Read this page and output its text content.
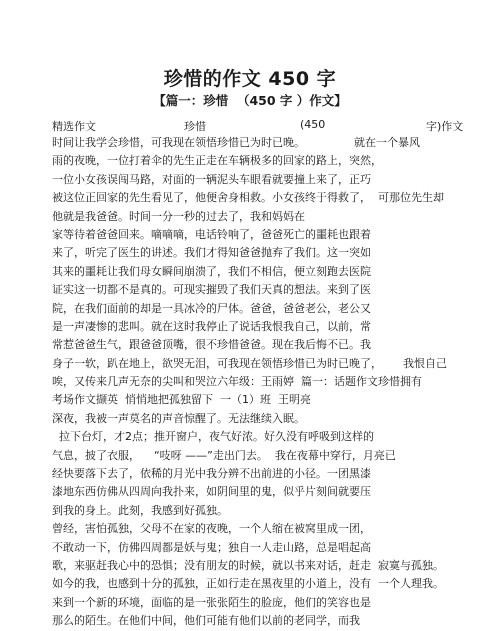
珍惜的作文 450 字
【篇一：珍惜  （450 字 ）作文】
精选作文	珍惜	(450	字)作文
时间让我学会珍惜，可我现在领悟珍惜已为时已晚。              就在一个暴风
雨的夜晚，一位打着伞的先生正走在车辆极多的回家的路上，突然，
一位小女孩误闯马路，对面的一辆泥头车眼看就要撞上来了，正巧
被这位正回家的先生看见了，他便舍身相救。小女孩终于得救了，  可那位先生却
他就是我爸爸。时间一分一秒的过去了，我和妈妈在
家等待着爸爸回来。嘀嘀嘀，电话铃响了，爸爸死亡的噩耗也跟着
来了，听完了医生的讲述。我们才得知爸爸抛弃了我们。这一突如
其来的噩耗让我们母女瞬间崩溃了，我们不相信，便立刻跑去医院
证实这一切都不是真的。可现实摧毁了我们天真的想法。来到了医
院，在我们面前的却是一具冰冷的尸体。爸爸，爸爸老公，老公又
是一声凄惨的悲叫。就在这时我停止了说话我恨我自己，以前，常
常惹爸爸生气，跟爸爸顶嘴，很不珍惜爸爸。现在我后悔不已。我
身子一软，趴在地上，欲哭无泪，可我现在领悟珍惜已为时已晚了，      我恨自己
唉，又传来几声无奈的尖叫和哭泣六年级：王雨婷  篇一：话题作文珍惜拥有
考场作文撷英  悄悄地把孤独留下  一（1）班  王明亮
深夜，我被一声莫名的声音惊醒了。无法继续入眠。
拉下台灯，才2点；推开窗户，夜气好浓。好久没有呼吸到这样的
气息，披了衣服，    “吱呀 ——”走出门去。  我在夜幕中穿行，月亮已
经快要落下去了，依稀的月光中我分辨不出前进的小径。一团黑漆
漆地东西仿佛从四周向我扑来，如阴间里的鬼，似乎片刻间就要压
到我的身上。此刻，我感到好孤独。
曾经，害怕孤独，父母不在家的夜晚，一个人缩在被窝里成一团，
不敢动一下，仿佛四周都是妖与鬼；独自一人走山路，总是唱起高
歌，来驱赶我心中的恐惧；没有朋友的时候，就以书来对话，赶走  寂寞与孤独。
如今的我，也感到十分的孤独，正如行走在黑夜里的小道上，没有  一个人理我。
来到一个新的环境，面临的是一张张陌生的脸庞，他们的笑容也是
那么的陌生。在他们中间，他们可能有他们以前的老同学，而我
